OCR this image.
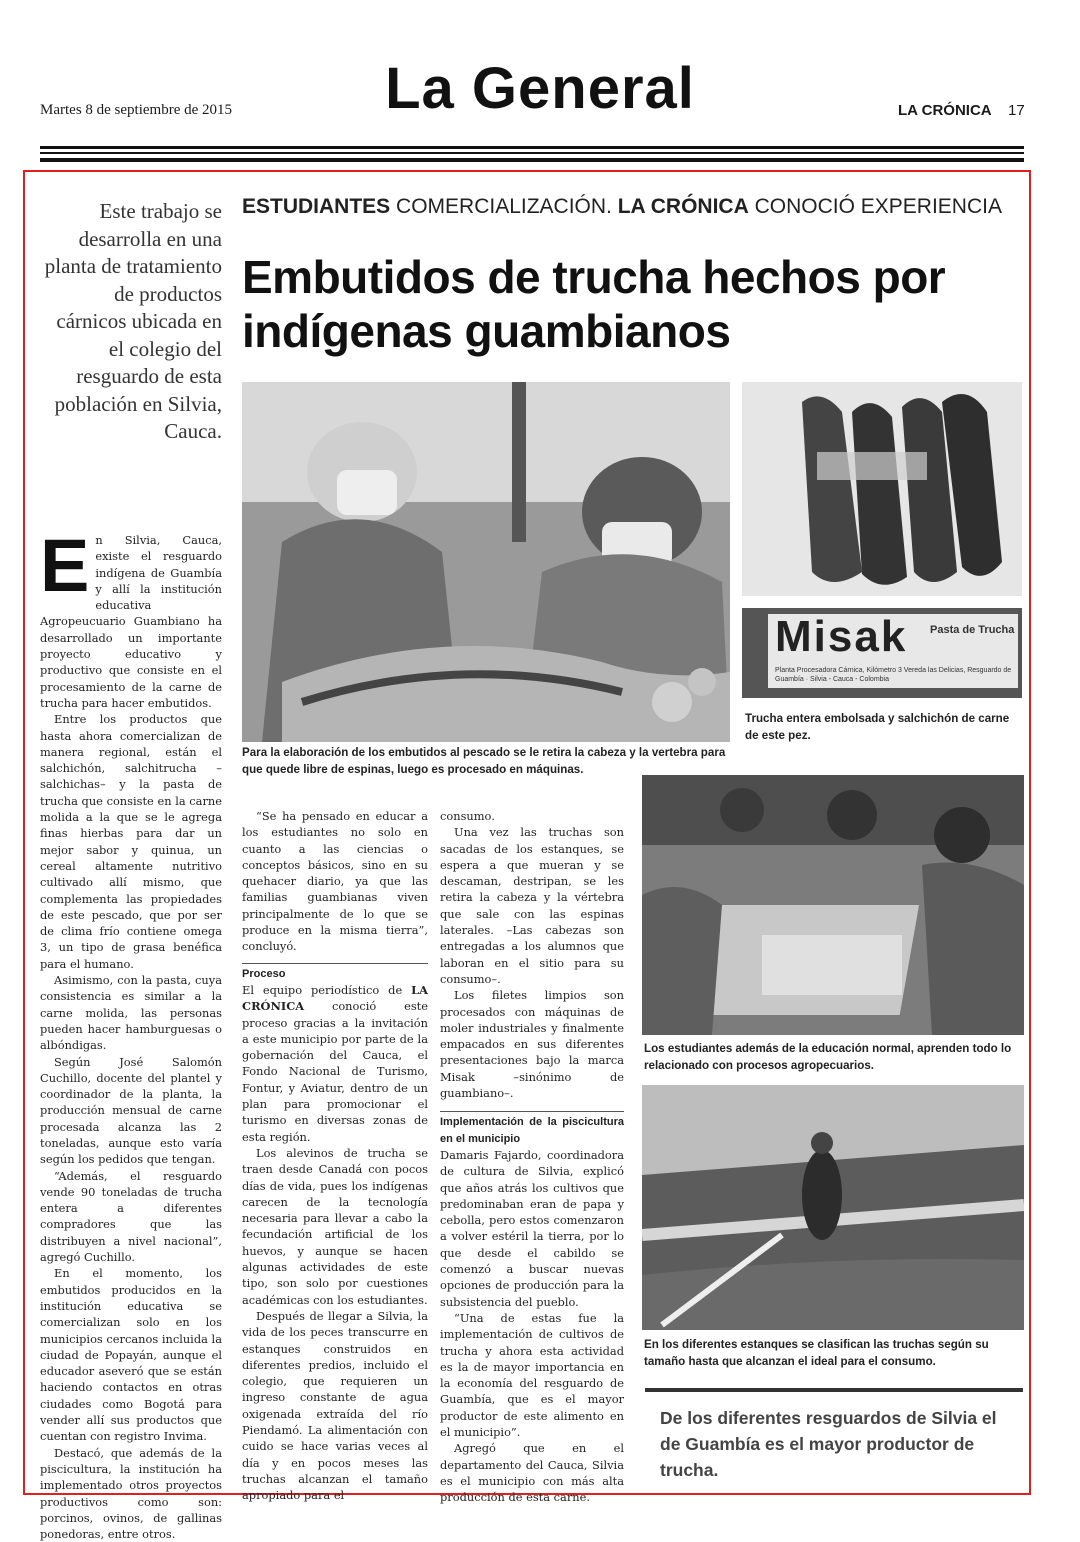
Martes 8 de septiembre de 2015	La General	LA CRÓNICA 17
Este trabajo se desarrolla en una planta de tratamiento de productos cárnicos ubicada en el colegio del resguardo de esta población en Silvia, Cauca.
ESTUDIANTES COMERCIALIZACIÓN. LA CRÓNICA CONOCIÓ EXPERIENCIA
Embutidos de trucha hechos por indígenas guambianos
Para la elaboración de los embutidos al pescado se le retira la cabeza y la vertebra para que quede libre de espinas, luego es procesado en máquinas.
Misak Pasta de Trucha
Planta Procesadora Cárnica, Kilómetro 3 Vereda las Delicias, Resguardo de Guambía · Silvia - Cauca - Colombia
Trucha entera embolsada y salchichón de carne de este pez.
Los estudiantes además de la educación normal, aprenden todo lo relacionado con procesos agropecuarios.
En los diferentes estanques se clasifican las truchas según su tamaño hasta que alcanzan el ideal para el consumo.
E n Silvia, Cauca, existe el resguardo indígena de Guambía y allí la institución educativa Agropeucuario Guambiano ha desarrollado un importante proyecto educativo y productivo que consiste en el procesamiento de la carne de trucha para hacer embutidos.

Entre los productos que hasta ahora comercializan de manera regional, están el salchichón, salchitrucha –salchichas– y la pasta de trucha que consiste en la carne molida a la que se le agrega finas hierbas para dar un mejor sabor y quinua, un cereal altamente nutritivo cultivado allí mismo, que complementa las propiedades de este pescado, que por ser de clima frío contiene omega 3, un tipo de grasa benéfica para el humano.

Asimismo, con la pasta, cuya consistencia es similar a la carne molida, las personas pueden hacer hamburguesas o albóndigas.

Según José Salomón Cuchillo, docente del plantel y coordinador de la planta, la producción mensual de carne procesada alcanza las 2 toneladas, aunque esto varía según los pedidos que tengan.

“Además, el resguardo vende 90 toneladas de trucha entera a diferentes compradores que las distribuyen a nivel nacional”, agregó Cuchillo.

En el momento, los embutidos producidos en la institución educativa se comercializan solo en los municipios cercanos incluida la ciudad de Popayán, aunque el educador aseveró que se están haciendo contactos en otras ciudades como Bogotá para vender allí sus productos que cuentan con registro Invima.

Destacó, que además de la piscicultura, la institución ha implementado otros proyectos productivos como son: porcinos, ovinos, de gallinas ponedoras, entre otros.

“Se ha pensado en educar a los estudiantes no solo en cuanto a las ciencias o conceptos básicos, sino en su quehacer diario, ya que las familias guambianas viven principalmente de lo que se produce en la misma tierra”, concluyó.

Proceso

El equipo periodístico de LA CRÓNICA conoció este proceso gracias a la invitación a este municipio por parte de la gobernación del Cauca, el Fondo Nacional de Turismo, Fontur, y Aviatur, dentro de un plan para promocionar el turismo en diversas zonas de esta región.

Los alevinos de trucha se traen desde Canadá con pocos días de vida, pues los indígenas carecen de la tecnología necesaria para llevar a cabo la fecundación artificial de los huevos, y aunque se hacen algunas actividades de este tipo, son solo por cuestiones académicas con los estudiantes.

Después de llegar a Silvia, la vida de los peces transcurre en estanques construidos en diferentes predios, incluido el colegio, que requieren un ingreso constante de agua oxigenada extraída del río Piendamó. La alimentación con cuido se hace varias veces al día y en pocos meses las truchas alcanzan el tamaño apropiado para el

consumo.

Una vez las truchas son sacadas de los estanques, se espera a que mueran y se descaman, destripan, se les retira la cabeza y la vértebra que sale con las espinas laterales. –Las cabezas son entregadas a los alumnos que laboran en el sitio para su consumo–.

Los filetes limpios son procesados con máquinas de moler industriales y finalmente empacados en sus diferentes presentaciones bajo la marca Misak –sinónimo de guambiano–.

Implementación de la piscicultura en el municipio

Damaris Fajardo, coordinadora de cultura de Silvia, explicó que años atrás los cultivos que predominaban eran de papa y cebolla, pero estos comenzaron a volver estéril la tierra, por lo que desde el cabildo se comenzó a buscar nuevas opciones de producción para la subsistencia del pueblo.

“Una de estas fue la implementación de cultivos de trucha y ahora esta actividad es la de mayor importancia en la economía del resguardo de Guambía, que es el mayor productor de este alimento en el municipio”.

Agregó que en el departamento del Cauca, Silvia es el municipio con más alta producción de esta carne.

De los diferentes resguardos de Silvia el de Guambía es el mayor productor de trucha.
